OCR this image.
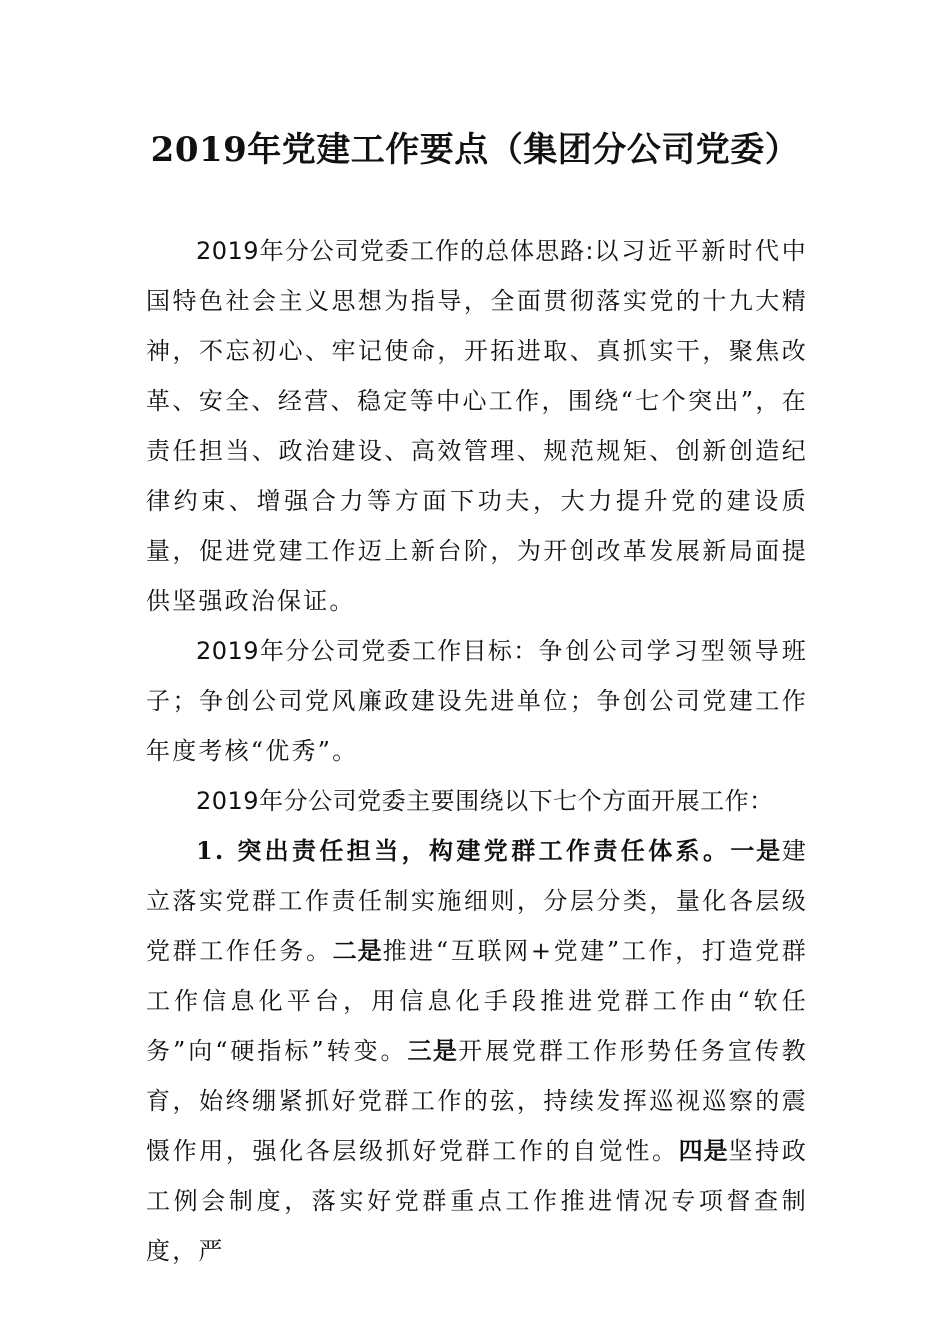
2019年党建工作要点（集团分公司党委）

2019年分公司党委工作的总体思路:以习近平新时代中国特色社会主义思想为指导，全面贯彻落实党的十九大精神，不忘初心、牢记使命，开拓进取、真抓实干，聚焦改革、安全、经营、稳定等中心工作，围绕“七个突出”，在责任担当、政治建设、高效管理、规范规矩、创新创造纪律约束、增强合力等方面下功夫，大力提升党的建设质量，促进党建工作迈上新台阶，为开创改革发展新局面提供坚强政治保证。

2019年分公司党委工作目标：争创公司学习型领导班子；争创公司党风廉政建设先进单位；争创公司党建工作年度考核“优秀”。

2019年分公司党委主要围绕以下七个方面开展工作：

1. 突出责任担当，构建党群工作责任体系。一是建立落实党群工作责任制实施细则，分层分类，量化各层级党群工作任务。二是推进“互联网+党建”工作，打造党群工作信息化平台，用信息化手段推进党群工作由“软任务”向“硬指标”转变。三是开展党群工作形势任务宣传教育，始终绷紧抓好党群工作的弦，持续发挥巡视巡察的震慑作用，强化各层级抓好党群工作的自觉性。四是坚持政工例会制度，落实好党群重点工作推进情况专项督查制度，严
